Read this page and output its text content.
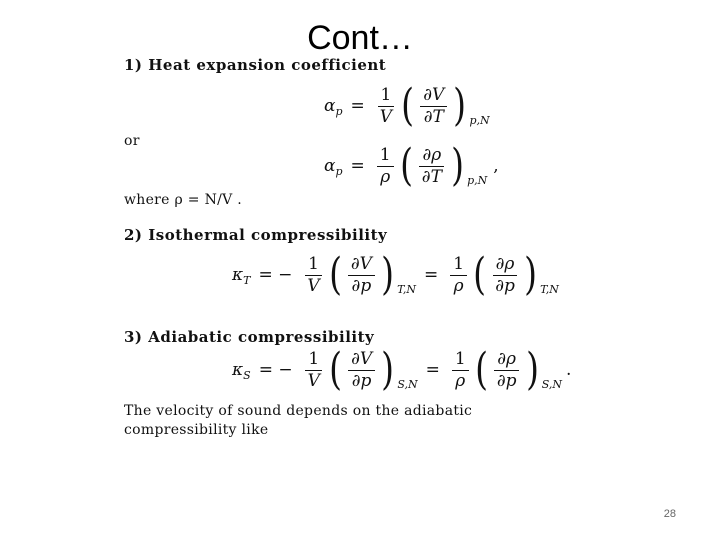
Cont…
1) Heat expansion coefficient
α $p = \frac{1}{V}$ ( $\frac{\partial V}{\partial T}$ ) p,N
or
α $p = \frac{1}{\rho}$ ( $\frac{\partial\rho}{\partial T}$ ) p,N
,
where ρ = N/V .
2) Isothermal compressibility
κ T = − $\frac{1}{V}$ ( $\frac{\partial V}{\partial p}$ ) T,N
= $\frac{1}{\rho}$ ( $\frac{\partial\rho}{\partial p}$ ) T,N
3) Adiabatic compressibility
κ S = − $\frac{1}{V}$ ( $\frac{\partial V}{\partial p}$ ) S,N
= $\frac{1}{\rho}$ ( $\frac{\partial\rho}{\partial p}$ ) S,N
.
The velocity of sound depends on the adiabatic
compressibility like
28
